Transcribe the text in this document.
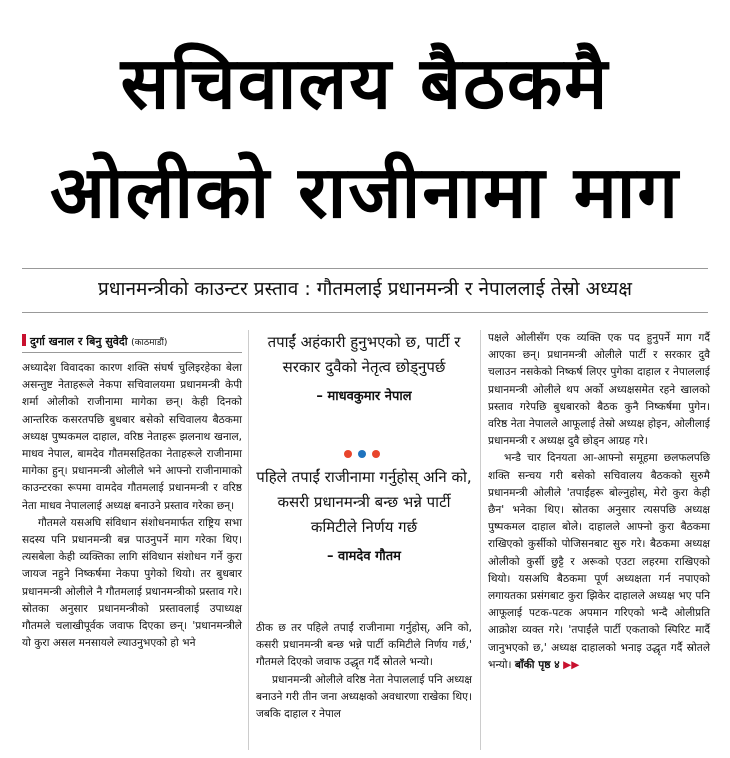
सचिवालय बैठकमै
ओलीको राजीनामा माग
प्रधानमन्त्रीको काउन्टर प्रस्ताव : गौतमलाई प्रधानमन्त्री र नेपाललाई तेस्रो अध्यक्ष
दुर्गा खनाल र बिनु सुवेदी (काठमाडौं)

अध्यादेश विवादका कारण शक्ति संघर्ष चुलिइरहेका बेला असन्तुष्ट नेताहरूले नेकपा सचिवालयमा प्रधानमन्त्री केपी शर्मा ओलीको राजीनामा मागेका छन्। केही दिनको आन्तरिक कसरतपछि बुधबार बसेको सचिवालय बैठकमा अध्यक्ष पुष्पकमल दाहाल, वरिष्ठ नेताहरू झलनाथ खनाल, माधव नेपाल, बामदेव गौतमसहितका नेताहरूले राजीनामा मागेका हुन्। प्रधानमन्त्री ओलीले भने आफ्नो राजीनामाको काउन्टरका रूपमा वामदेव गौतमलाई प्रधानमन्त्री र वरिष्ठ नेता माधव नेपाललाई अध्यक्ष बनाउने प्रस्ताव गरेका छन्।

गौतमले यसअघि संविधान संशोधनमार्फत राष्ट्रिय सभा सदस्य पनि प्रधानमन्त्री बन्न पाउनुपर्ने माग गरेका थिए। त्यसबेला केही व्यक्तिका लागि संविधान संशोधन गर्ने कुरा जायज नहुने निष्कर्षमा नेकपा पुगेको थियो। तर बुधबार प्रधानमन्त्री ओलीले नै गौतमलाई प्रधानमन्त्रीको प्रस्ताव गरे। स्रोतका अनुसार प्रधानमन्त्रीको प्रस्तावलाई उपाध्यक्ष गौतमले चलाखीपूर्वक जवाफ दिएका छन्। 'प्रधानमन्त्रीले यो कुरा असल मनसायले ल्याउनुभएको हो भने

तपाईं अहंकारी हुनुभएको छ, पार्टी र सरकार दुवैको नेतृत्व छोड्नुपर्छ
– माधवकुमार नेपाल
पहिले तपाईं राजीनामा गर्नुहोस् अनि को, कसरी प्रधानमन्त्री बन्छ भन्ने पार्टी कमिटीले निर्णय गर्छ
– वामदेव गौतम

ठीक छ तर पहिले तपाईं राजीनामा गर्नुहोस्, अनि को, कसरी प्रधानमन्त्री बन्छ भन्ने पार्टी कमिटीले निर्णय गर्छ,' गौतमले दिएको जवाफ उद्धृत गर्दै स्रोतले भन्यो।

प्रधानमन्त्री ओलीले वरिष्ठ नेता नेपाललाई पनि अध्यक्ष बनाउने गरी तीन जना अध्यक्षको अवधारणा राखेका थिए। जबकि दाहाल र नेपाल

पक्षले ओलीसँग एक व्यक्ति एक पद हुनुपर्ने माग गर्दै आएका छन्। प्रधानमन्त्री ओलीले पार्टी र सरकार दुवै चलाउन नसकेको निष्कर्ष लिएर पुगेका दाहाल र नेपाललाई प्रधानमन्त्री ओलीले थप अर्को अध्यक्षसमेत रहने खालको प्रस्ताव गरेपछि बुधबारको बैठक कुनै निष्कर्षमा पुगेन। वरिष्ठ नेता नेपालले आफूलाई तेस्रो अध्यक्ष होइन, ओलीलाई प्रधानमन्त्री र अध्यक्ष दुवै छोड्न आग्रह गरे।

भन्डै चार दिनयता आ-आफ्नो समूहमा छलफलपछि शक्ति सन्चय गरी बसेको सचिवालय बैठकको सुरुमै प्रधानमन्त्री ओलीले 'तपाईंहरू बोल्नुहोस्, मेरो कुरा केही छैन' भनेका थिए। स्रोतका अनुसार त्यसपछि अध्यक्ष पुष्पकमल दाहाल बोले। दाहालले आफ्नो कुरा बैठकमा राखिएको कुर्सीको पोजिसनबाट सुरु गरे। बैठकमा अध्यक्ष ओलीको कुर्सी छुट्टै र अरूको एउटा लहरमा राखिएको थियो। यसअघि बैठकमा पूर्ण अध्यक्षता गर्न नपाएको लगायतका प्रसंगबाट कुरा झिकेर दाहालले अध्यक्ष भए पनि आफूलाई पटक-पटक अपमान गरिएको भन्दै ओलीप्रति आक्रोश व्यक्त गरे। 'तपाईंले पार्टी एकताको स्पिरिट मार्दै जानुभएको छ,' अध्यक्ष दाहालको भनाइ उद्धृत गर्दै स्रोतले भन्यो। बाँकी पृष्ठ ४ ▶▶
